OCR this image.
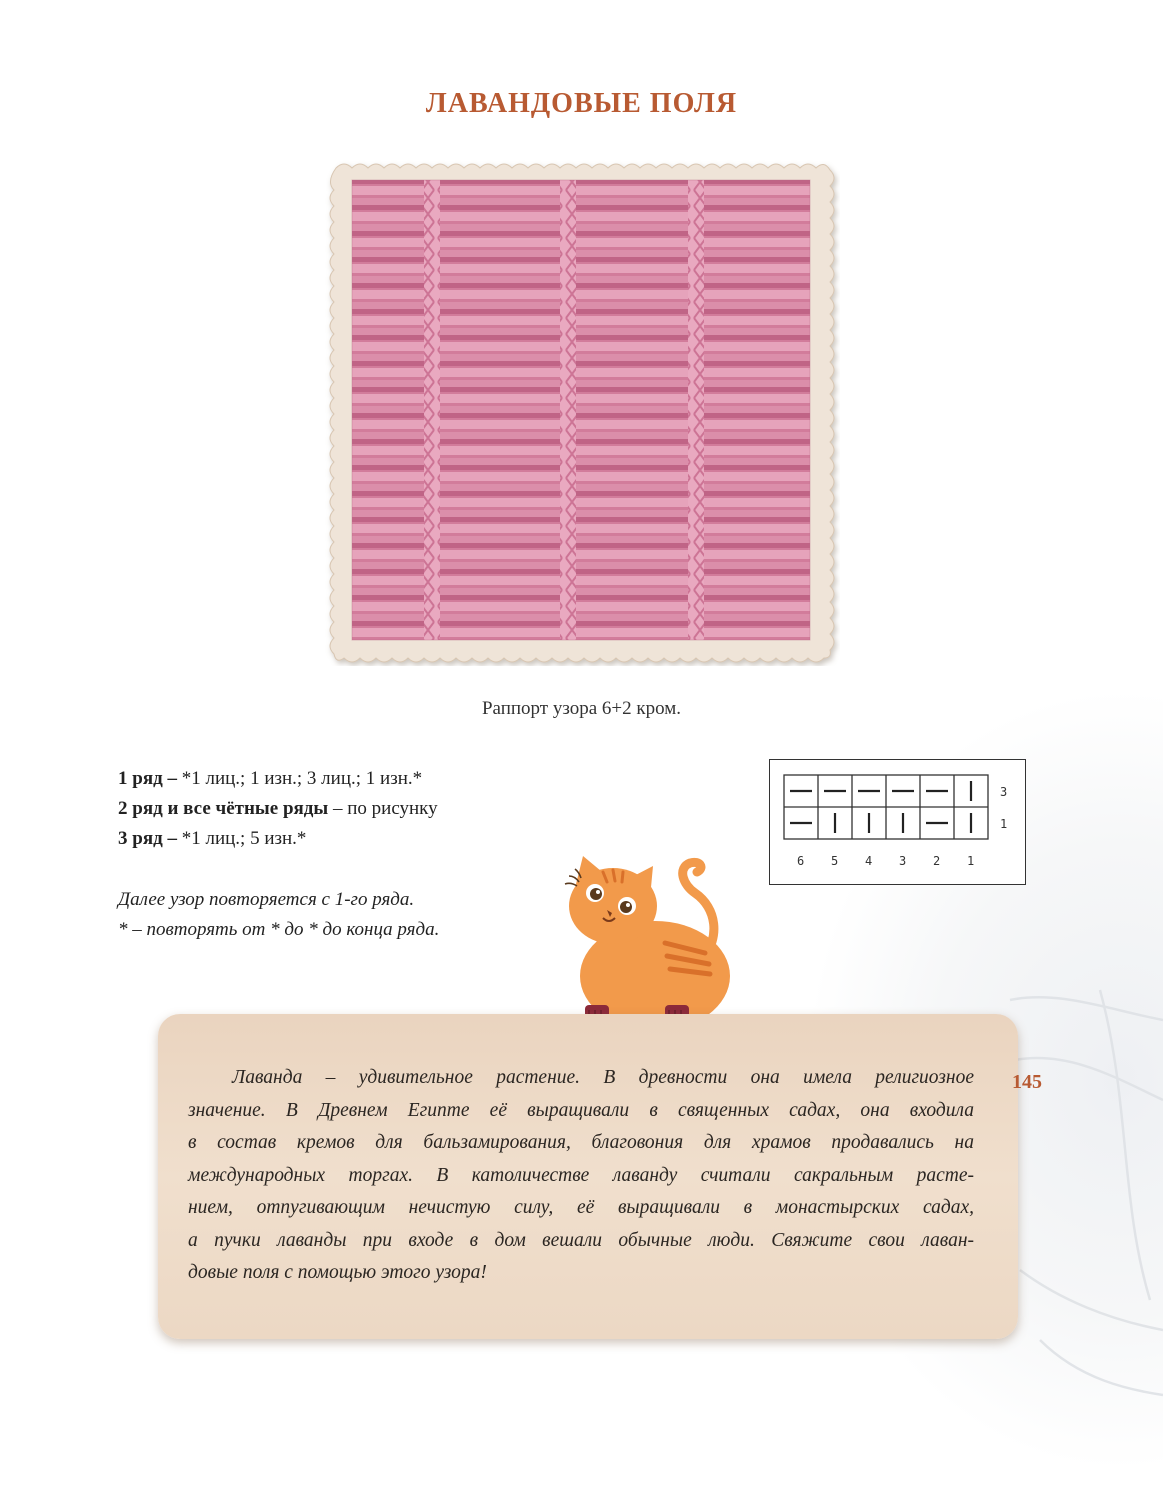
ЛАВАНДОВЫЕ ПОЛЯ
Раппорт узора 6+2 кром.
1 ряд – *1 лиц.; 1 изн.; 3 лиц.; 1 изн.*
2 ряд и все чётные ряды – по рисунку
3 ряд – *1 лиц.; 5 изн.*
Далее узор повторяется с 1-го ряда.
* – повторять от * до * до конца ряда.
3
1
6 5 4 3 2 1
Лаванда – удивительное растение. В древности она имела религиозное
значение. В Древнем Египте её выращивали в священных садах, она входила
в состав кремов для бальзамирования, благовония для храмов продавались на
международных торгах. В католичестве лаванду считали сакральным расте-
нием, отпугивающим нечистую силу, её выращивали в монастырских садах,
а пучки лаванды при входе в дом вешали обычные люди. Свяжите свои лаван-
довые поля с помощью этого узора!
145
